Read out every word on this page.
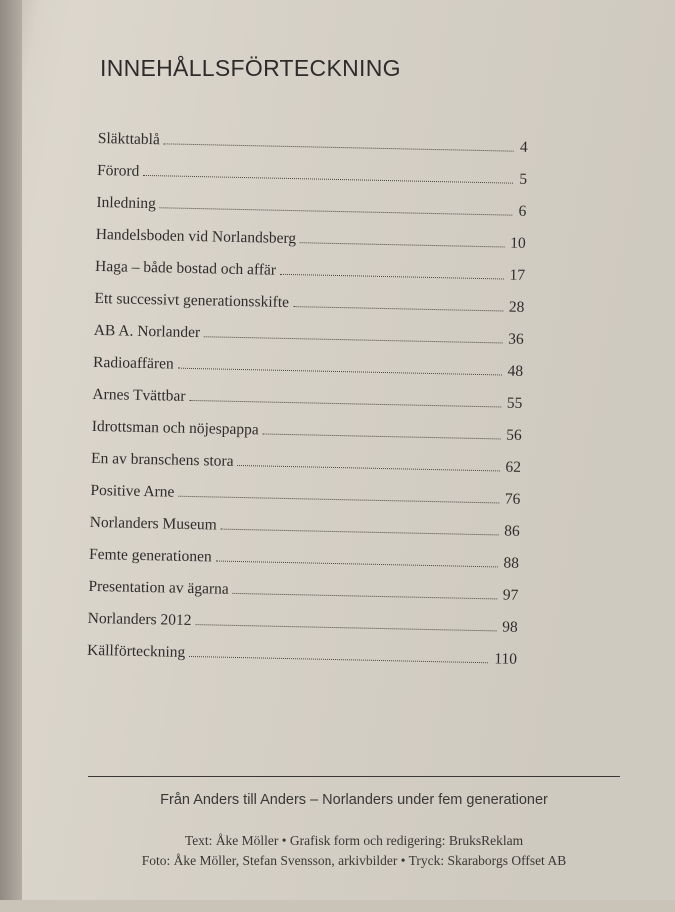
INNEHÅLLSFÖRTECKNING
Släkttablå	4
Förord	5
Inledning	6
Handelsboden vid Norlandsberg	10
Haga – både bostad och affär	17
Ett successivt generationsskifte	28
AB A. Norlander	36
Radioaffären	48
Arnes Tvättbar	55
Idrottsman och nöjespappa	56
En av branschens stora	62
Positive Arne	76
Norlanders Museum	86
Femte generationen	88
Presentation av ägarna	97
Norlanders 2012	98
Källförteckning	110
Från Anders till Anders – Norlanders under fem generationer
Text: Åke Möller • Grafisk form och redigering: BruksReklam
Foto: Åke Möller, Stefan Svensson, arkivbilder • Tryck: Skaraborgs Offset AB
